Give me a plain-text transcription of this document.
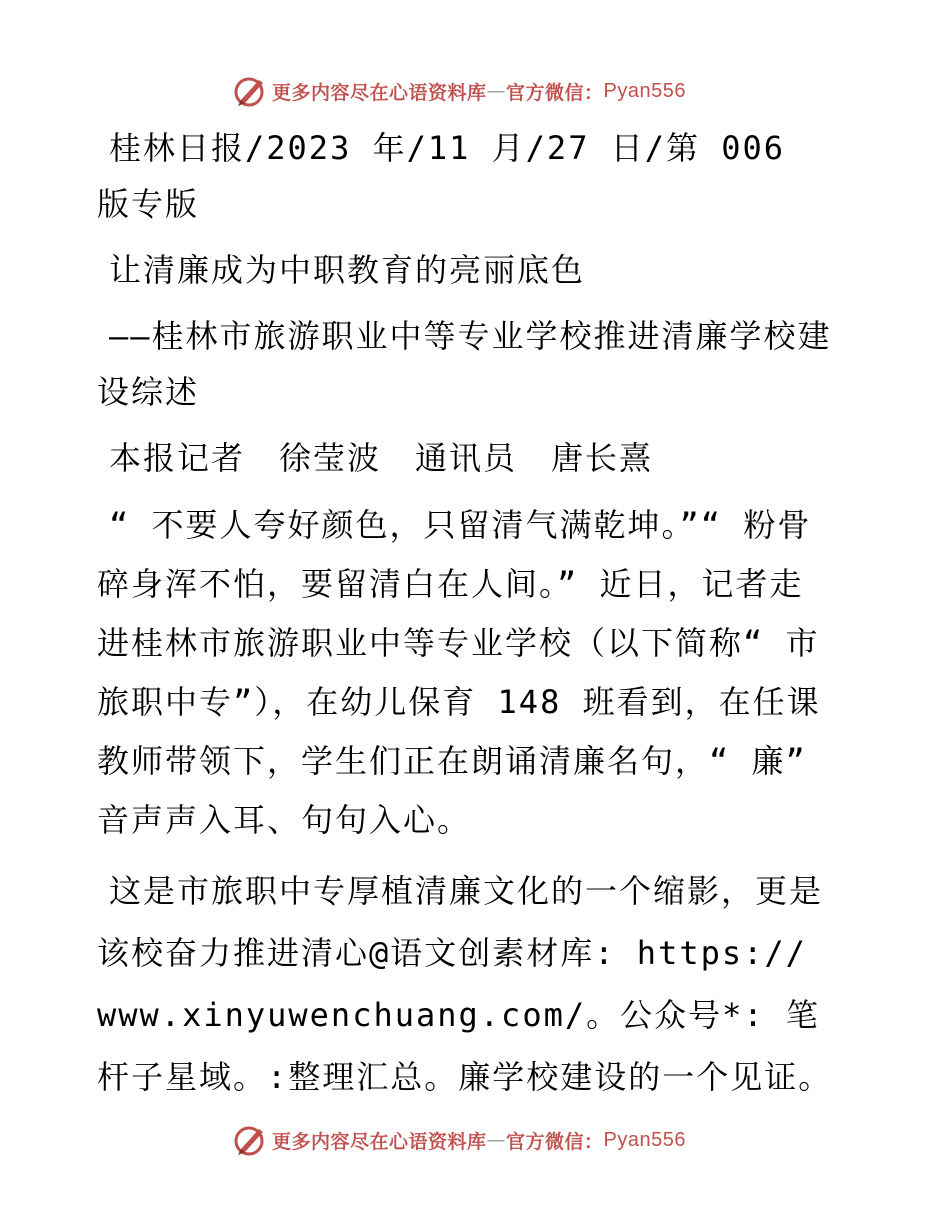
更多内容尽在心语资料库 — 官方微信： Pyan556

桂林日报/2023 年/11 月/27 日/第 006 版专版

让清廉成为中职教育的亮丽底色

——桂林市旅游职业中等专业学校推进清廉学校建设综述

本报记者　徐莹波　通讯员　唐长熹

“ 不要人夸好颜色，只留清气满乾坤。”“ 粉骨碎身浑不怕，要留清白在人间。” 近日，记者走进桂林市旅游职业中等专业学校（以下简称“ 市旅职中专”），在幼儿保育 148 班看到，在任课教师带领下，学生们正在朗诵清廉名句，“ 廉” 音声声入耳、句句入心。

这是市旅职中专厚植清廉文化的一个缩影，更是该校奋力推进清心@语文创素材库: https:// www.xinyuwenchuang.com/。公众号*: 笔杆子星域。:整理汇总。廉学校建设的一个见证。

更多内容尽在心语资料库 — 官方微信： Pyan556
